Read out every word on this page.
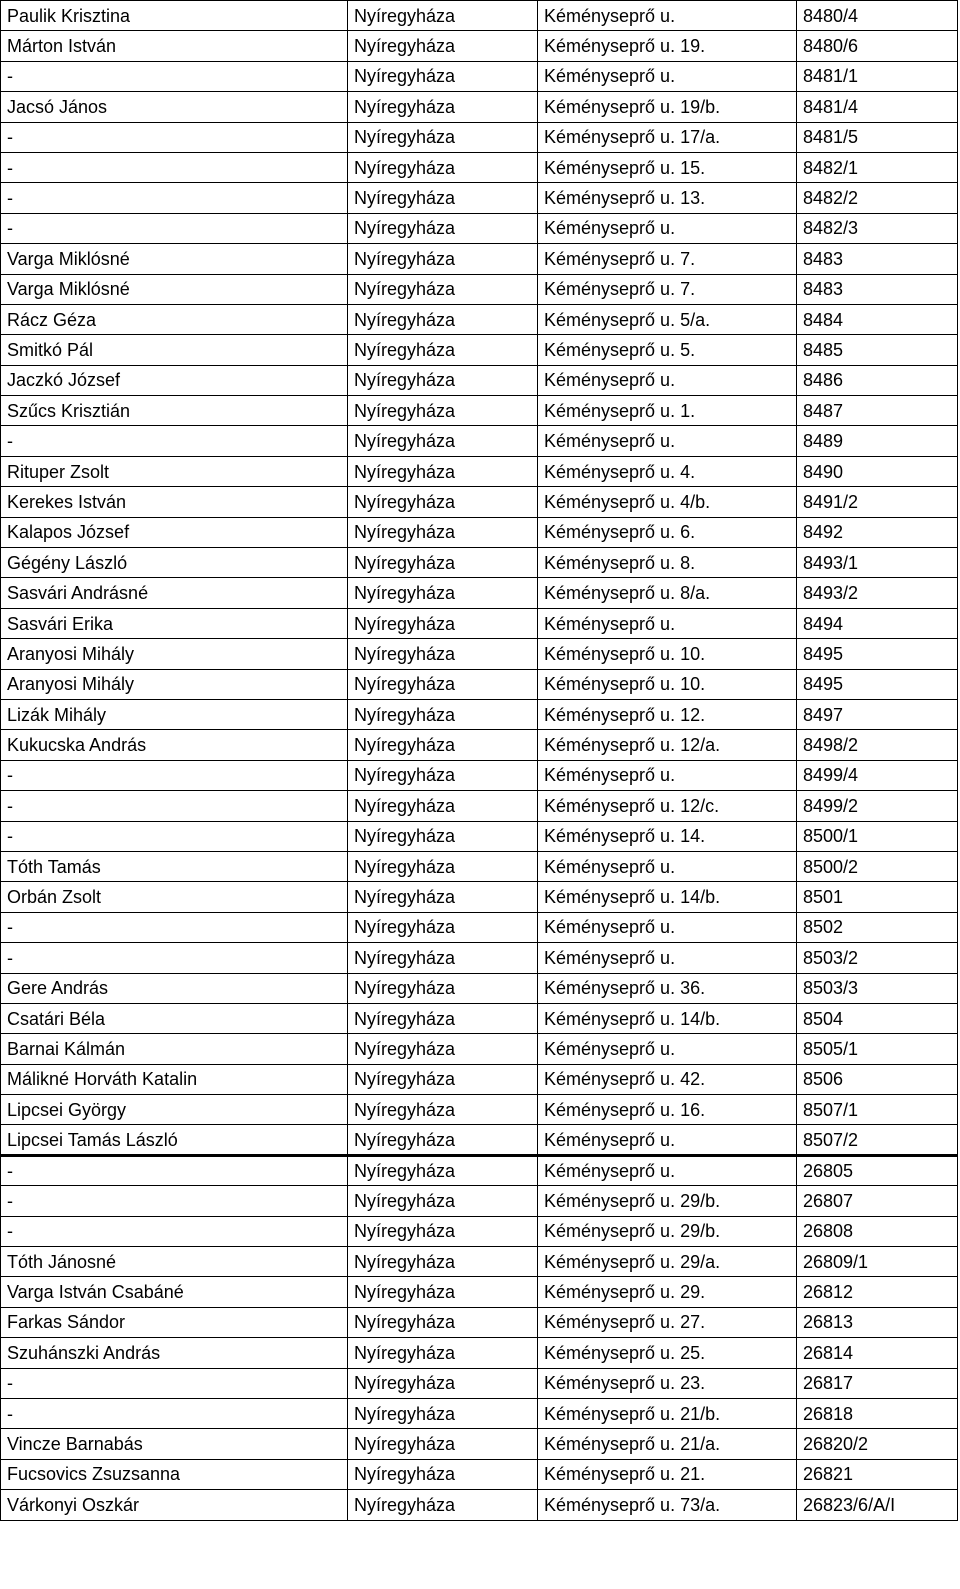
Paulik Krisztina	Nyíregyháza	Kéményseprő u.	8480/4
Márton István	Nyíregyháza	Kéményseprő u. 19.	8480/6
-	Nyíregyháza	Kéményseprő u.	8481/1
Jacsó János	Nyíregyháza	Kéményseprő u. 19/b.	8481/4
-	Nyíregyháza	Kéményseprő u. 17/a.	8481/5
-	Nyíregyháza	Kéményseprő u. 15.	8482/1
-	Nyíregyháza	Kéményseprő u. 13.	8482/2
-	Nyíregyháza	Kéményseprő u.	8482/3
Varga Miklósné	Nyíregyháza	Kéményseprő u. 7.	8483
Varga Miklósné	Nyíregyháza	Kéményseprő u. 7.	8483
Rácz Géza	Nyíregyháza	Kéményseprő u. 5/a.	8484
Smitkó Pál	Nyíregyháza	Kéményseprő u. 5.	8485
Jaczkó József	Nyíregyháza	Kéményseprő u.	8486
Szűcs Krisztián	Nyíregyháza	Kéményseprő u. 1.	8487
-	Nyíregyháza	Kéményseprő u.	8489
Rituper Zsolt	Nyíregyháza	Kéményseprő u. 4.	8490
Kerekes István	Nyíregyháza	Kéményseprő u. 4/b.	8491/2
Kalapos József	Nyíregyháza	Kéményseprő u. 6.	8492
Gégény László	Nyíregyháza	Kéményseprő u. 8.	8493/1
Sasvári Andrásné	Nyíregyháza	Kéményseprő u. 8/a.	8493/2
Sasvári Erika	Nyíregyháza	Kéményseprő u.	8494
Aranyosi Mihály	Nyíregyháza	Kéményseprő u. 10.	8495
Aranyosi Mihály	Nyíregyháza	Kéményseprő u. 10.	8495
Lizák Mihály	Nyíregyháza	Kéményseprő u. 12.	8497
Kukucska András	Nyíregyháza	Kéményseprő u. 12/a.	8498/2
-	Nyíregyháza	Kéményseprő u.	8499/4
-	Nyíregyháza	Kéményseprő u. 12/c.	8499/2
-	Nyíregyháza	Kéményseprő u. 14.	8500/1
Tóth Tamás	Nyíregyháza	Kéményseprő u.	8500/2
Orbán Zsolt	Nyíregyháza	Kéményseprő u. 14/b.	8501
-	Nyíregyháza	Kéményseprő u.	8502
-	Nyíregyháza	Kéményseprő u.	8503/2
Gere András	Nyíregyháza	Kéményseprő u. 36.	8503/3
Csatári Béla	Nyíregyháza	Kéményseprő u. 14/b.	8504
Barnai Kálmán	Nyíregyháza	Kéményseprő u.	8505/1
Málikné Horváth Katalin	Nyíregyháza	Kéményseprő u. 42.	8506
Lipcsei György	Nyíregyháza	Kéményseprő u. 16.	8507/1
Lipcsei Tamás László	Nyíregyháza	Kéményseprő u.	8507/2
-	Nyíregyháza	Kéményseprő u.	26805
-	Nyíregyháza	Kéményseprő u. 29/b.	26807
-	Nyíregyháza	Kéményseprő u. 29/b.	26808
Tóth Jánosné	Nyíregyháza	Kéményseprő u. 29/a.	26809/1
Varga István Csabáné	Nyíregyháza	Kéményseprő u. 29.	26812
Farkas Sándor	Nyíregyháza	Kéményseprő u. 27.	26813
Szuhánszki András	Nyíregyháza	Kéményseprő u. 25.	26814
-	Nyíregyháza	Kéményseprő u. 23.	26817
-	Nyíregyháza	Kéményseprő u. 21/b.	26818
Vincze Barnabás	Nyíregyháza	Kéményseprő u. 21/a.	26820/2
Fucsovics Zsuzsanna	Nyíregyháza	Kéményseprő u. 21.	26821
Várkonyi Oszkár	Nyíregyháza	Kéményseprő u. 73/a.	26823/6/A/I
